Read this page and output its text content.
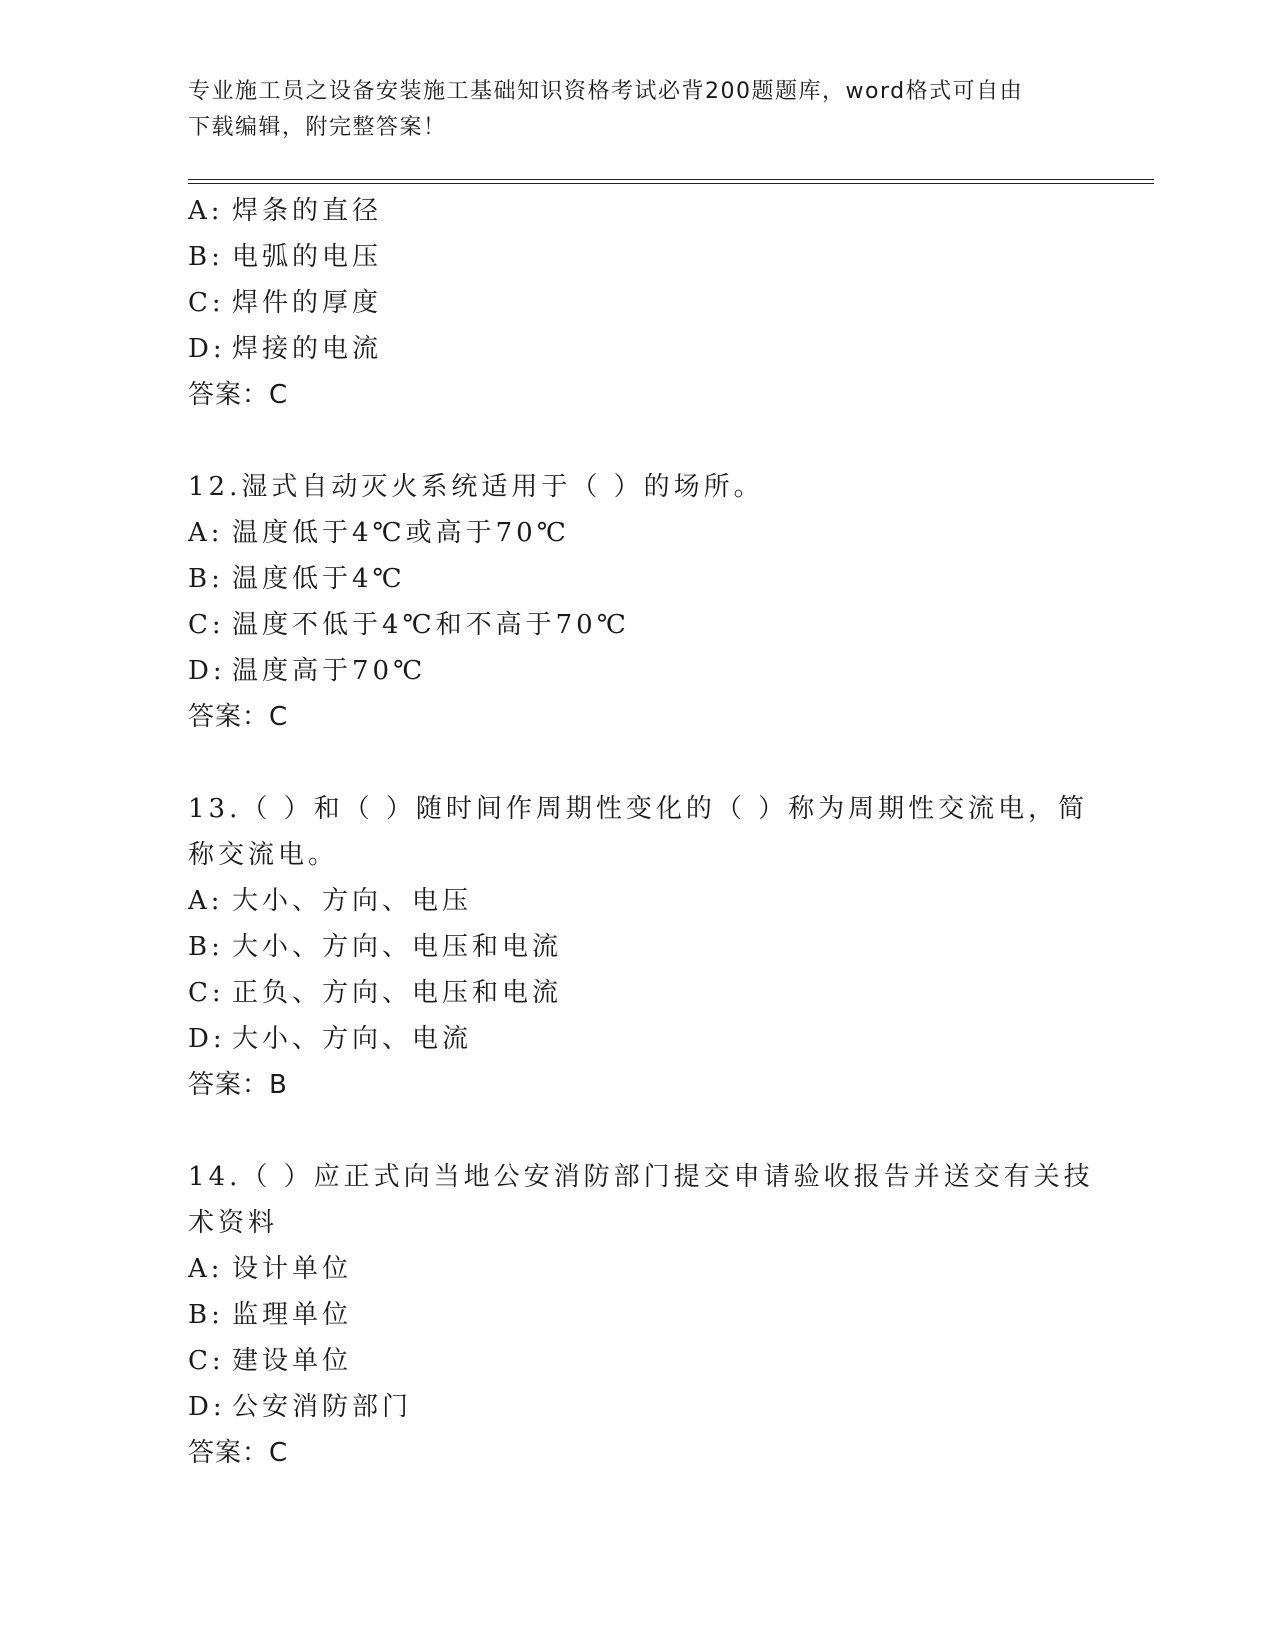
专业施工员之设备安装施工基础知识资格考试必背200题题库，word格式可自由
下载编辑，附完整答案！
A: 焊条的直径
B: 电弧的电压
C: 焊件的厚度
D: 焊接的电流
答案：C
12.湿式自动灭火系统适用于（ ）的场所。
A: 温度低于4℃或高于70℃
B: 温度低于4℃
C: 温度不低于4℃和不高于70℃
D: 温度高于70℃
答案：C
13.（ ）和（ ）随时间作周期性变化的（ ）称为周期性交流电，简
称交流电。
A: 大小、方向、电压
B: 大小、方向、电压和电流
C: 正负、方向、电压和电流
D: 大小、方向、电流
答案：B
14.（ ）应正式向当地公安消防部门提交申请验收报告并送交有关技
术资料
A: 设计单位
B: 监理单位
C: 建设单位
D: 公安消防部门
答案：C
